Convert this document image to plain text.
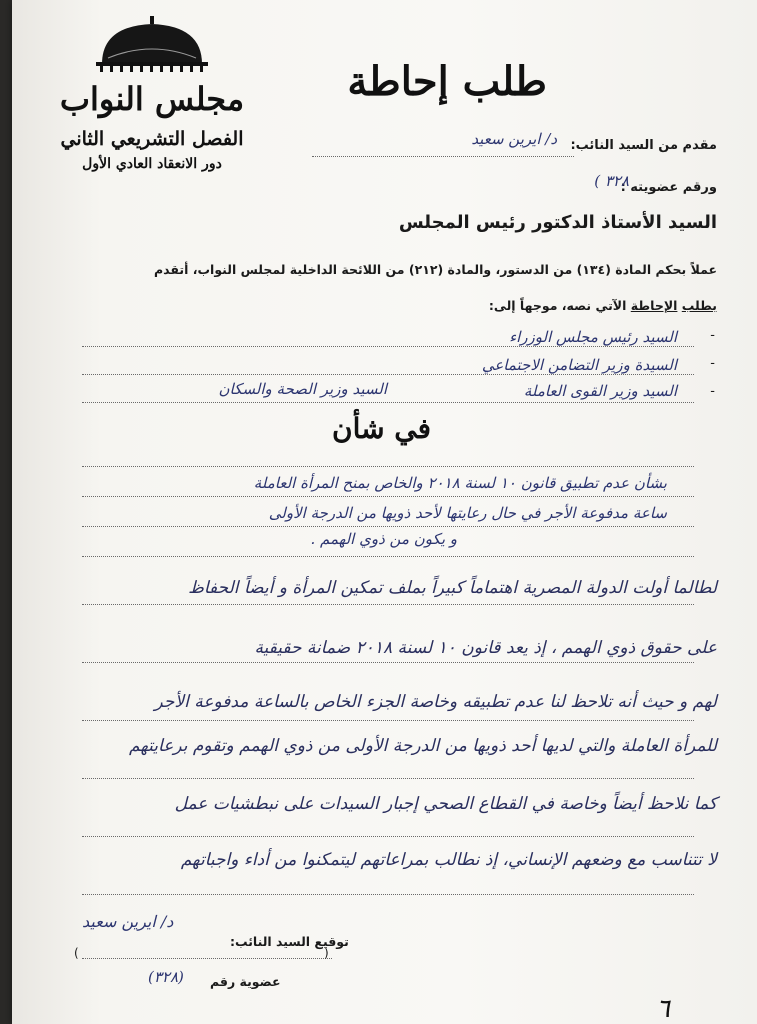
مجلس النواب
الفصل التشريعي الثاني
دور الانعقاد العادي الأول
طلب إحاطة
مقدم من السيد النائب:
د/ ايرين سعيد
ورقم عضويته :
( ٣٢٨
السيد الأستاذ الدكتور رئيس المجلس
عملاً بحكم المادة (١٣٤) من الدستور، والمادة (٢١٢) من اللائحة الداخلية لمجلس النواب، أتقدم
بطلب الإحاطة الآتي نصه، موجهاً إلى:
-
السيد رئيس مجلس الوزراء
-
السيدة وزير التضامن الاجتماعي
-
السيد وزير القوى العاملة
السيد وزير الصحة والسكان
في شأن
بشأن عدم تطبيق قانون ١٠ لسنة ٢٠١٨ والخاص بمنح المرأة العاملة
ساعة مدفوعة الأجر في حال رعايتها لأحد ذويها من الدرجة الأولى
و يكون من ذوي الهمم .
لطالما أولت الدولة المصرية اهتماماً كبيراً بملف تمكين المرأة و أيضاً الحفاظ
على حقوق ذوي الهمم ، إذ يعد قانون ١٠ لسنة ٢٠١٨ ضمانة حقيقية
لهم و حيث أنه تلاحظ لنا عدم تطبيقه وخاصة الجزء الخاص بالساعة مدفوعة الأجر
للمرأة العاملة والتي لديها أحد ذويها من الدرجة الأولى من ذوي الهمم وتقوم برعايتهم
كما نلاحظ أيضاً وخاصة في القطاع الصحي إجبار السيدات على نبطشيات عمل
لا تتناسب مع وضعهم الإنساني، إذ نطالب بمراعاتهم ليتمكنوا من أداء واجباتهم
د/ ايرين سعيد
توقيع السيد النائب:
(	)
عضوية رقم
(٣٢٨)
٦
